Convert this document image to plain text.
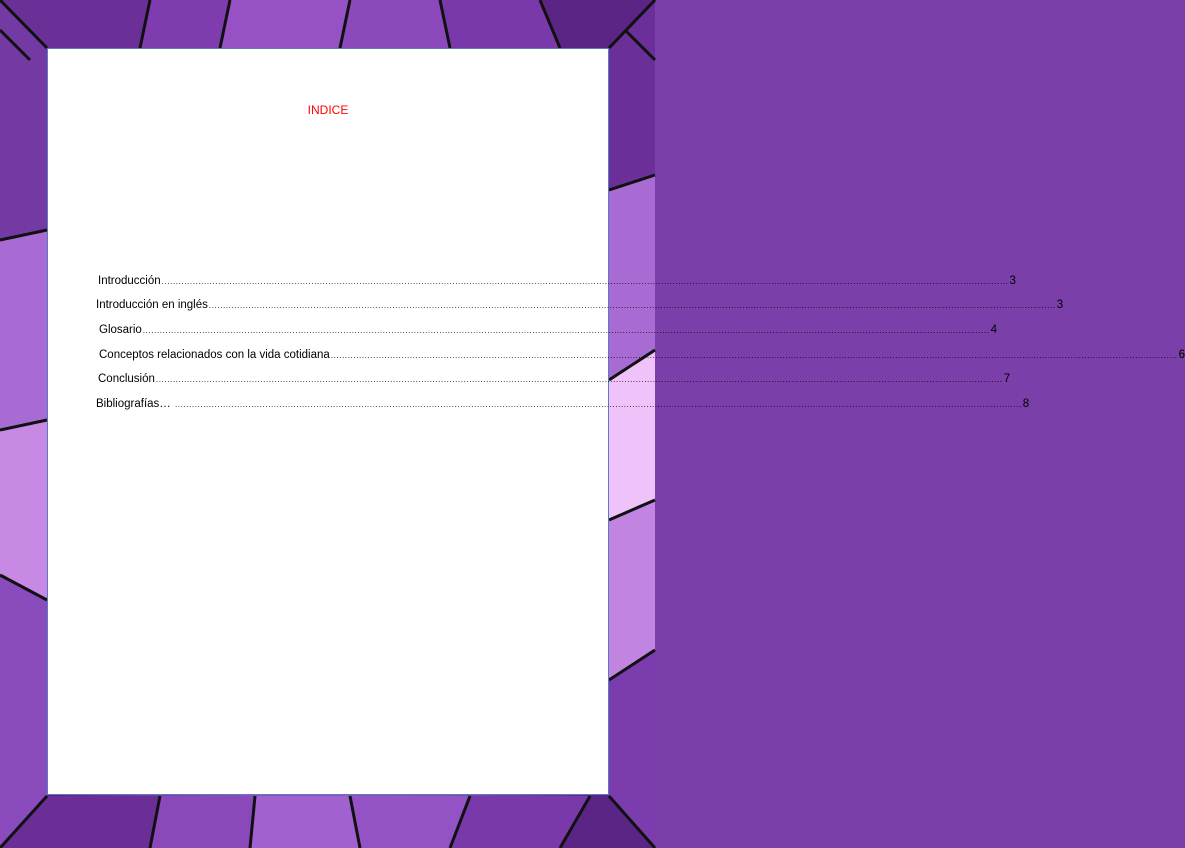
INDICE
Introducción ............................................................................................................................................................................................................................................................................................................ 3
Introducción en inglés ............................................................................................................................................................................................................................................................................................................ 3
Glosario ............................................................................................................................................................................................................................................................................................................ 4
Conceptos relacionados con la vida cotidiana ............................................................................................................................................................................................................................................................................................................ 6
Conclusión ............................................................................................................................................................................................................................................................................................................ 7
Bibliografías… ............................................................................................................................................................................................................................................................................................................ 8
